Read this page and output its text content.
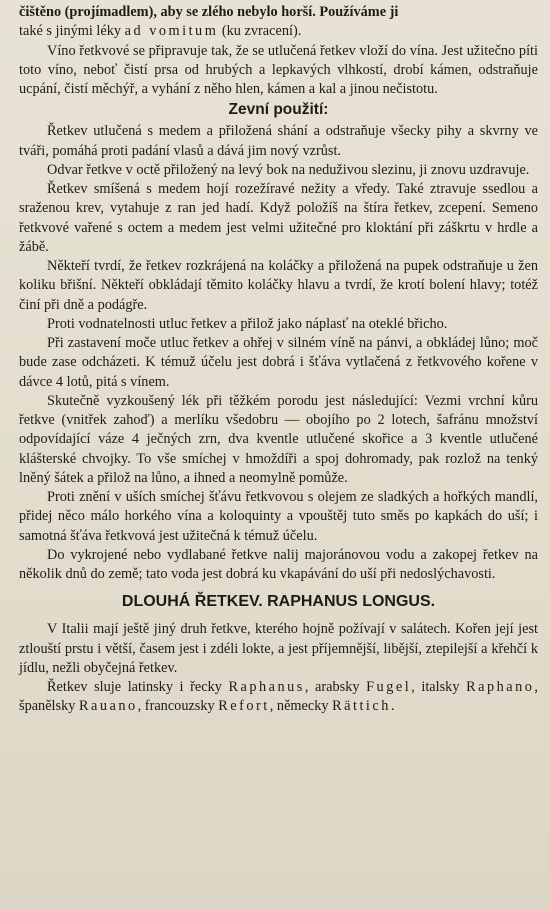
čištěno (projímadlem), aby se zlého nebylo horší. Používáme ji

také s jinými léky ad vomitum (ku zvracení).

Víno řetkvové se připravuje tak, že se utlučená řetkev vloží do vína. Jest užitečno píti toto víno, neboť čistí prsa od hrubých a lepkavých vlhkostí, drobí kámen, odstraňuje ucpání, čistí měchýř, a vyhání z něho hlen, kámen a kal a jinou nečistotu.

Zevní použití:

Řetkev utlučená s medem a přiložená shání a odstraňuje všecky pihy a skvrny ve tváři, pomáhá proti padání vlasů a dává jim nový vzrůst.

Odvar řetkve v octě přiložený na levý bok na neduživou slezinu, ji znovu uzdravuje.

Řetkev smíšená s medem hojí rozežíravé nežity a vředy. Také ztravuje ssedlou a sraženou krev, vytahuje z ran jed hadí. Když položíš na štíra řetkev, zcepení. Semeno řetkvové vařené s octem a medem jest velmi užitečné pro kloktání při záškrtu v hrdle a žábě.

Někteří tvrdí, že řetkev rozkrájená na koláčky a přiložená na pupek odstraňuje u žen koliku břišní. Někteří obkládají těmito koláčky hlavu a tvrdí, že krotí bolení hlavy; totéž činí při dně a podágře.

Proti vodnatelnosti utluc řetkev a přilož jako náplasť na oteklé břicho.

Při zastavení moče utluc řetkev a ohřej v silném víně na pánvi, a obkládej lůno; moč bude zase odcházeti. K témuž účelu jest dobrá i šťáva vytlačená z řetkvového kořene v dávce 4 lotů, pitá s vínem.

Skutečně vyzkoušený lék při těžkém porodu jest následující: Vezmi vrchní kůru řetkve (vnitřek zahoď) a merlíku všedobru — obojího po 2 lotech, šafránu množství odpovídající váze 4 ječných zrn, dva kventle utlučené skořice a 3 kventle utlučené klášterské chvojky. To vše smíchej v hmoždíři a spoj dohromady, pak rozlož na tenký lněný šátek a přilož na lůno, a ihned a neomylně pomůže.

Proti znění v uších smíchej šťávu řetkvovou s olejem ze sladkých a hořkých mandlí, přidej něco málo horkého vína a koloquinty a vpouštěj tuto směs po kapkách do uší; i samotná šťáva řetkvová jest užitečná k témuž účelu.

Do vykrojené nebo vydlabané řetkve nalij majoránovou vodu a zakopej řetkev na několik dnů do země; tato voda jest dobrá ku vkapávání do uší při nedoslýchavosti.

DLOUHÁ ŘETKEV. RAPHANUS LONGUS.

V Italii mají ještě jiný druh řetkve, kterého hojně požívají v salátech. Kořen její jest ztlouští prstu i větší, časem jest i zdéli lokte, a jest příjemnější, libější, ztepilejší a křehčí k jídlu, nežli obyčejná řetkev.

Řetkev sluje latinsky i řecky Raphanus, arabsky Fugel, italsky Raphano, španělsky Rauano, francouzsky Refort, německy Rättich.
